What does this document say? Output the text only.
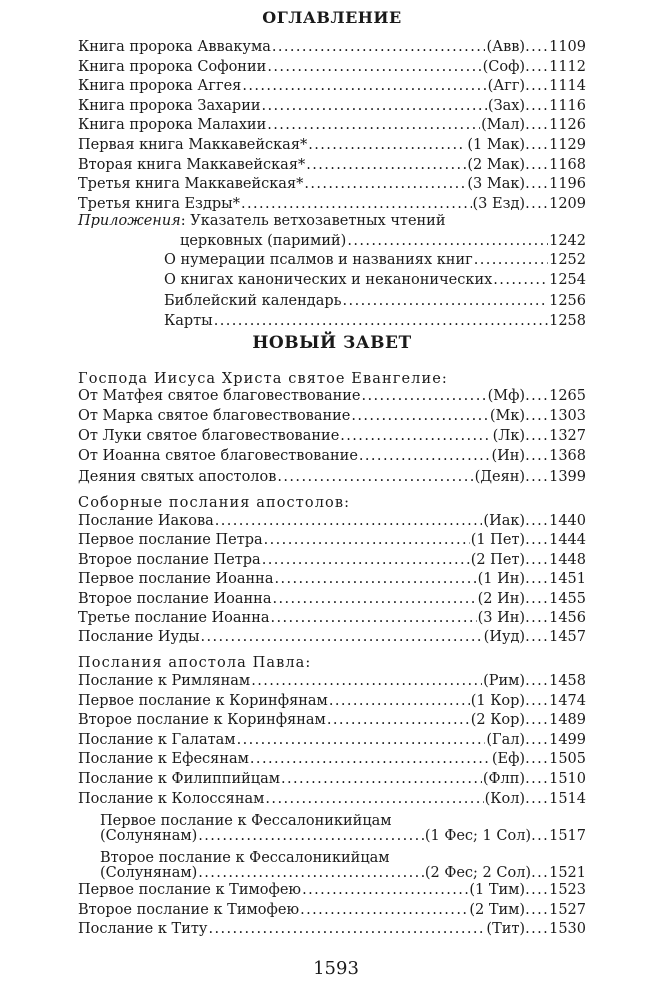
ОГЛАВЛЕНИЕ
Книга пророка Аввакума .....	(Авв) ..... 1109
Книга пророка Софонии .....	(Соф) ..... 1112
Книга пророка Аггея .....	(Агг) ..... 1114
Книга пророка Захарии .....	(Зах) ..... 1116
Книга пророка Малахии .....	(Мал) ..... 1126
Первая книга Маккавейская* .....	(1 Мак) ..... 1129
Вторая книга Маккавейская* .....	(2 Мак) ..... 1168
Третья книга Маккавейская* .....	(3 Мак) ..... 1196
Третья книга Ездры* .....	(3 Езд) ..... 1209
Приложения: Указатель ветхозаветных чтений
церковных (паримий) .....	1242
О нумерации псалмов и названиях книг .....	1252
О книгах канонических и неканонических .....	1254
Библейский календарь .....	1256
Карты .....	1258
НОВЫЙ ЗАВЕТ
Господа Иисуса Христа святое Евангелие:
От Матфея святое благовествование .....	(Мф) ..... 1265
От Марка святое благовествование .....	(Мк) ..... 1303
От Луки святое благовествование .....	(Лк) ..... 1327
От Иоанна святое благовествование .....	(Ин) ..... 1368
Деяния святых апостолов .....	(Деян) ..... 1399
Соборные послания апостолов:
Послание Иакова .....	(Иак) ..... 1440
Первое послание Петра .....	(1 Пет) ..... 1444
Второе послание Петра .....	(2 Пет) ..... 1448
Первое послание Иоанна .....	(1 Ин) ..... 1451
Второе послание Иоанна .....	(2 Ин) ..... 1455
Третье послание Иоанна .....	(3 Ин) ..... 1456
Послание Иуды .....	(Иуд) ..... 1457
Послания апостола Павла:
Послание к Римлянам .....	(Рим) ..... 1458
Первое послание к Коринфянам .....	(1 Кор) ..... 1474
Второе послание к Коринфянам .....	(2 Кор) ..... 1489
Послание к Галатам .....	(Гал) ..... 1499
Послание к Ефесянам .....	(Еф) ..... 1505
Послание к Филиппийцам .....	(Флп) ..... 1510
Послание к Колоссянам .....	(Кол) ..... 1514
Первое послание к Фессалоникийцам
(Солунянам) .....	(1 Фес; 1 Сол) ..... 1517
Второе послание к Фессалоникийцам
(Солунянам) .....	(2 Фес; 2 Сол) ..... 1521
Первое послание к Тимофею .....	(1 Тим) ..... 1523
Второе послание к Тимофею .....	(2 Тим) ..... 1527
Послание к Титу .....	(Тит) ..... 1530
1593
